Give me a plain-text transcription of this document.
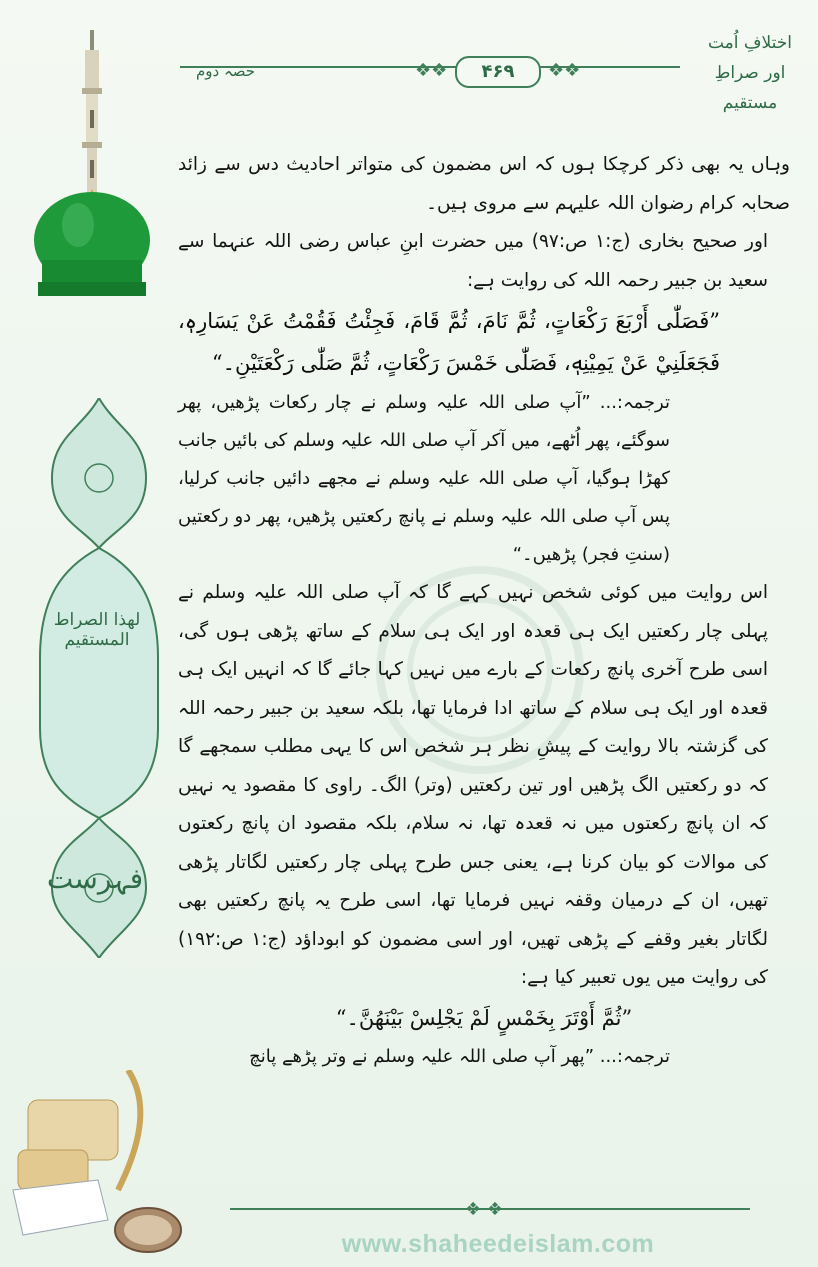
لهذا الصراط المستقیم
فہرست
❖❖	۴۶۹	❖❖
حصہ دوم
اختلافِ اُمت
اور صراطِ مستقیم

وہاں یہ بھی ذکر کرچکا ہوں کہ اس مضمون کی متواتر احادیث دس سے زائد صحابہ کرام رضوان اللہ علیہم سے مروی ہیں۔

اور صحیح بخاری (ج:۱ ص:۹۷) میں حضرت ابنِ عباس رضی اللہ عنہما سے سعید بن جبیر رحمہ اللہ کی روایت ہے:

”فَصَلّٰى أَرْبَعَ رَكْعَاتٍ، ثُمَّ نَامَ، ثُمَّ قَامَ، فَجِئْتُ فَقُمْتُ عَنْ يَسَارِهٖ، فَجَعَلَنِيْ عَنْ يَمِيْنِهٖ، فَصَلّٰى خَمْسَ رَكْعَاتٍ، ثُمَّ صَلّٰى رَكْعَتَيْنِ۔“

ترجمہ:... ”آپ صلی اللہ علیہ وسلم نے چار رکعات پڑھیں، پھر سوگئے، پھر اُٹھے، میں آکر آپ صلی اللہ علیہ وسلم کی بائیں جانب کھڑا ہوگیا، آپ صلی اللہ علیہ وسلم نے مجھے دائیں جانب کرلیا، پس آپ صلی اللہ علیہ وسلم نے پانچ رکعتیں پڑھیں، پھر دو رکعتیں (سنتِ فجر) پڑھیں۔“

اس روایت میں کوئی شخص نہیں کہے گا کہ آپ صلی اللہ علیہ وسلم نے پہلی چار رکعتیں ایک ہی قعدہ اور ایک ہی سلام کے ساتھ پڑھی ہوں گی، اسی طرح آخری پانچ رکعات کے بارے میں نہیں کہا جائے گا کہ انہیں ایک ہی قعدہ اور ایک ہی سلام کے ساتھ ادا فرمایا تھا، بلکہ سعید بن جبیر رحمہ اللہ کی گزشتہ بالا روایت کے پیشِ نظر ہر شخص اس کا یہی مطلب سمجھے گا کہ دو رکعتیں الگ پڑھیں اور تین رکعتیں (وتر) الگ۔ راوی کا مقصود یہ نہیں کہ ان پانچ رکعتوں میں نہ قعدہ تھا، نہ سلام، بلکہ مقصود ان پانچ رکعتوں کی موالات کو بیان کرنا ہے، یعنی جس طرح پہلی چار رکعتیں لگاتار پڑھی تھیں، ان کے درمیان وقفہ نہیں فرمایا تھا، اسی طرح یہ پانچ رکعتیں بھی لگاتار بغیر وقفے کے پڑھی تھیں، اور اسی مضمون کو ابوداؤد (ج:۱ ص:۱۹۲) کی روایت میں یوں تعبیر کیا ہے:

”ثُمَّ أَوْتَرَ بِخَمْسٍ لَمْ يَجْلِسْ بَيْنَهُنَّ۔“

ترجمہ:... ”پھر آپ صلی اللہ علیہ وسلم نے وتر پڑھے پانچ

❖ ❖
www.shaheedeislam.com
